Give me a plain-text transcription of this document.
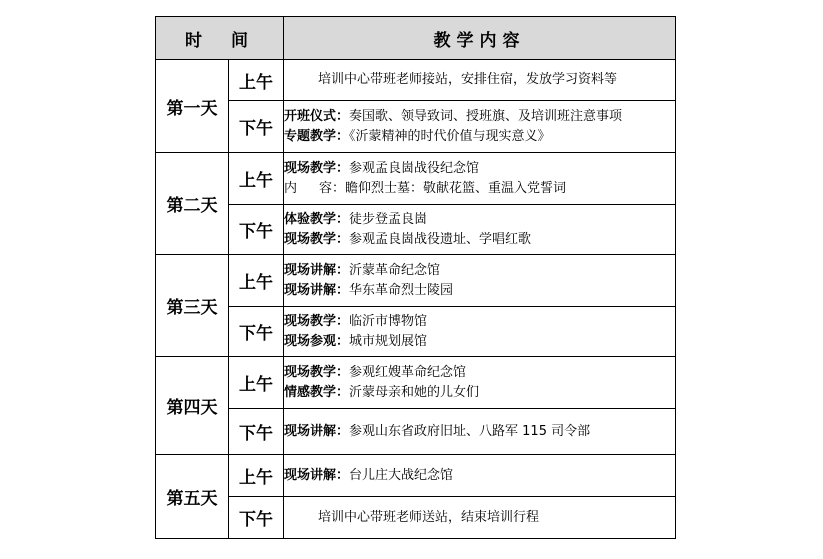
时　间		教学内容
第一天	上午	培训中心带班老师接站，安排住宿，发放学习资料等

	下午	开班仪式：奏国歌、领导致词、授班旗、及培训班注意事项
专题教学：《沂蒙精神的时代价值与现实意义》

第二天	上午	现场教学：参观孟良崮战役纪念馆
内 容：瞻仰烈士墓：敬献花篮、重温入党誓词

	下午	体验教学：徒步登孟良崮
现场教学：参观孟良崮战役遗址、学唱红歌

第三天	上午	现场讲解：沂蒙革命纪念馆
现场讲解：华东革命烈士陵园

	下午	现场教学：临沂市博物馆
现场参观：城市规划展馆

第四天	上午	现场教学：参观红嫂革命纪念馆
情感教学：沂蒙母亲和她的儿女们

	下午	现场讲解：参观山东省政府旧址、八路军 115 司令部

第五天	上午	现场讲解：台儿庄大战纪念馆

	下午	培训中心带班老师送站，结束培训行程
